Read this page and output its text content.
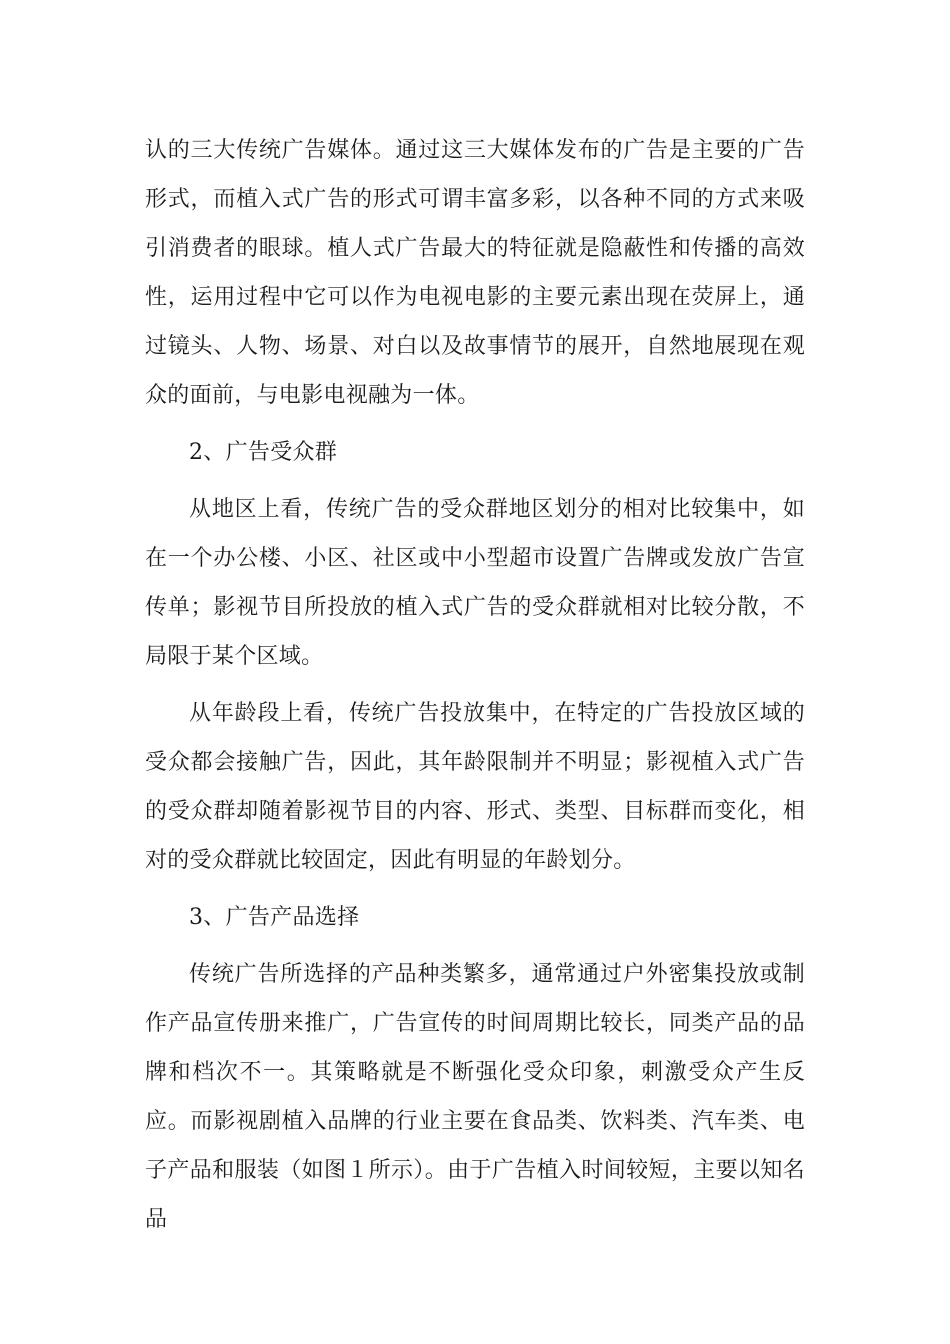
认的三大传统广告媒体。通过这三大媒体发布的广告是主要的广告形式，而植入式广告的形式可谓丰富多彩，以各种不同的方式来吸引消费者的眼球。植人式广告最大的特征就是隐蔽性和传播的高效性，运用过程中它可以作为电视电影的主要元素出现在荧屏上，通过镜头、人物、场景、对白以及故事情节的展开，自然地展现在观众的面前，与电影电视融为一体。

2、广告受众群

从地区上看，传统广告的受众群地区划分的相对比较集中，如在一个办公楼、小区、社区或中小型超市设置广告牌或发放广告宣传单；影视节目所投放的植入式广告的受众群就相对比较分散，不局限于某个区域。

从年龄段上看，传统广告投放集中，在特定的广告投放区域的受众都会接触广告，因此，其年龄限制并不明显；影视植入式广告的受众群却随着影视节目的内容、形式、类型、目标群而变化，相对的受众群就比较固定，因此有明显的年龄划分。

3、广告产品选择

传统广告所选择的产品种类繁多，通常通过户外密集投放或制作产品宣传册来推广，广告宣传的时间周期比较长，同类产品的品牌和档次不一。其策略就是不断强化受众印象，刺激受众产生反应。而影视剧植入品牌的行业主要在食品类、饮料类、汽车类、电子产品和服装（如图１所示）。由于广告植入时间较短，主要以知名品
